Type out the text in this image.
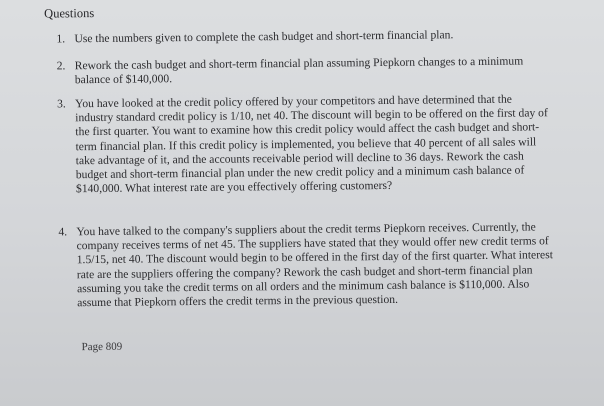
Questions
1. Use the numbers given to complete the cash budget and short-term financial plan.
2. Rework the cash budget and short-term financial plan assuming Piepkorn changes to a minimum balance of $140,000.
3. You have looked at the credit policy offered by your competitors and have determined that the industry standard credit policy is 1/10, net 40. The discount will begin to be offered on the first day of the first quarter. You want to examine how this credit policy would affect the cash budget and short-term financial plan. If this credit policy is implemented, you believe that 40 percent of all sales will take advantage of it, and the accounts receivable period will decline to 36 days. Rework the cash budget and short-term financial plan under the new credit policy and a minimum cash balance of $140,000. What interest rate are you effectively offering customers?
4. You have talked to the company's suppliers about the credit terms Piepkorn receives. Currently, the company receives terms of net 45. The suppliers have stated that they would offer new credit terms of 1.5/15, net 40. The discount would begin to be offered in the first day of the first quarter. What interest rate are the suppliers offering the company? Rework the cash budget and short-term financial plan assuming you take the credit terms on all orders and the minimum cash balance is $110,000. Also assume that Piepkorn offers the credit terms in the previous question.
Page 809
